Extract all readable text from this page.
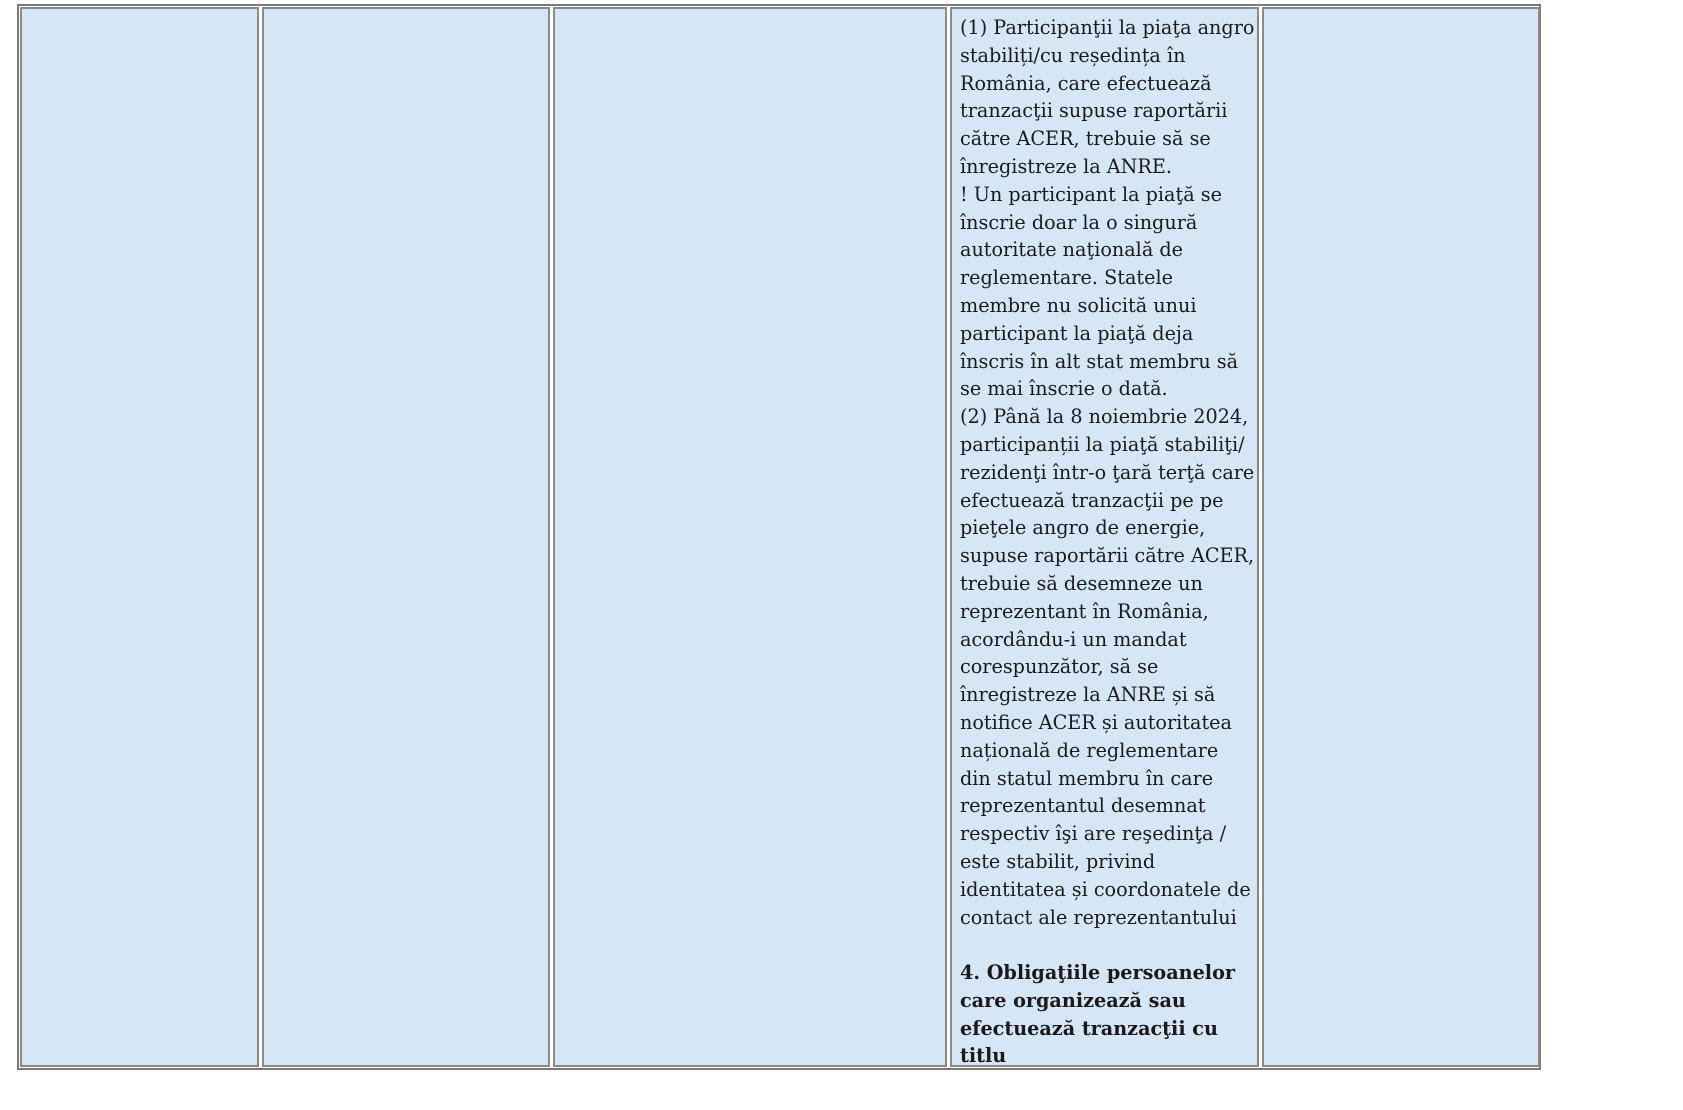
(1) Participanţii la piaţa angro stabiliți/cu reședința în România, care efectuează tranzacţii supuse raportării către ACER, trebuie să se înregistreze la ANRE.

! Un participant la piaţă se înscrie doar la o singură autoritate naţională de reglementare. Statele membre nu solicită unui participant la piaţă deja înscris în alt stat membru să se mai înscrie o dată.

(2) Până la 8 noiembrie 2024, participanții la piaţă stabiliţi/ rezidenţi într-o ţară terţă care efectuează tranzacţii pe pe pieţele angro de energie, supuse raportării către ACER, trebuie să desemneze un reprezentant în România, acordându-i un mandat corespunzător, să se înregistreze la ANRE și să notifice ACER și autoritatea națională de reglementare din statul membru în care reprezentantul desemnat respectiv îşi are reşedinţa / este stabilit, privind identitatea și coordonatele de contact ale reprezentantului

4. Obligaţiile persoanelor care organizează sau efectuează tranzacţii cu titlu
